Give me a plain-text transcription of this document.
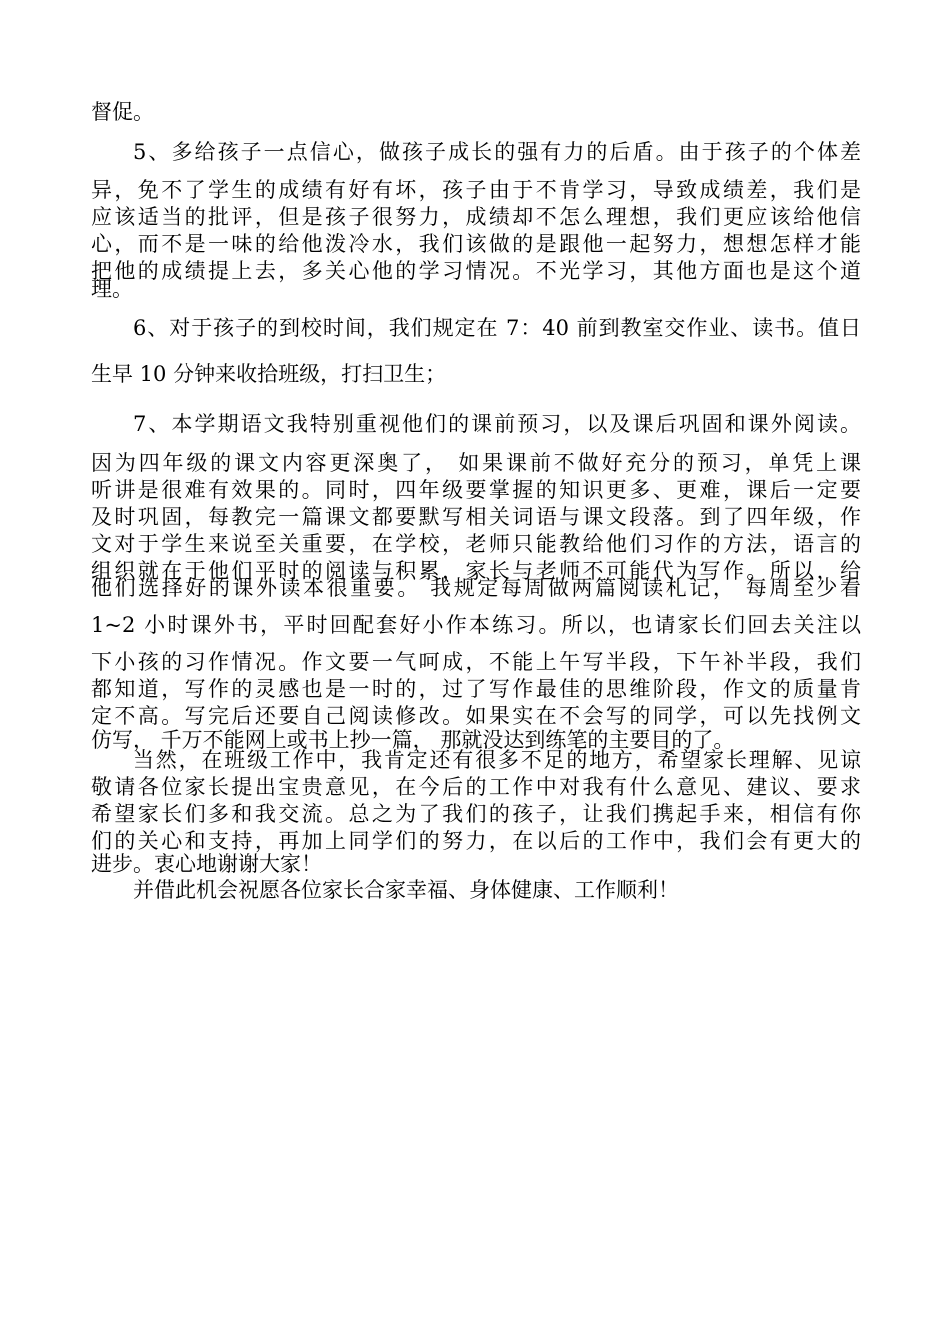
督促。
5、多给孩子一点信心，做孩子成长的强有力的后盾。由于孩子的个体差
异，免不了学生的成绩有好有坏，孩子由于不肯学习，导致成绩差，我们是
应该适当的批评，但是孩子很努力，成绩却不怎么理想，我们更应该给他信
心，而不是一味的给他泼冷水，我们该做的是跟他一起努力，想想怎样才能
把他的成绩提上去，多关心他的学习情况。不光学习，其他方面也是这个道
理。
6、对于孩子的到校时间，我们规定在 7：40 前到教室交作业、读书。值日
生早 10 分钟来收拾班级，打扫卫生；
7、本学期语文我特别重视他们的课前预习，以及课后巩固和课外阅读。
因为四年级的课文内容更深奥了， 如果课前不做好充分的预习，单凭上课
听讲是很难有效果的。同时，四年级要掌握的知识更多、更难，课后一定要
及时巩固，每教完一篇课文都要默写相关词语与课文段落。到了四年级，作
文对于学生来说至关重要，在学校，老师只能教给他们习作的方法，语言的
组织就在于他们平时的阅读与积累，家长与老师不可能代为写作。所以，给
他们选择好的课外读本很重要。 我规定每周做两篇阅读札记， 每周至少看
1~2 小时课外书，平时回配套好小作本练习。所以，也请家长们回去关注以
下小孩的习作情况。作文要一气呵成，不能上午写半段，下午补半段，我们
都知道，写作的灵感也是一时的，过了写作最佳的思维阶段，作文的质量肯
定不高。写完后还要自己阅读修改。如果实在不会写的同学，可以先找例文
仿写， 千万不能网上或书上抄一篇， 那就没达到练笔的主要目的了。
当然，在班级工作中，我肯定还有很多不足的地方，希望家长理解、见谅
敬请各位家长提出宝贵意见，在今后的工作中对我有什么意见、建议、要求
希望家长们多和我交流。总之为了我们的孩子，让我们携起手来，相信有你
们的关心和支持，再加上同学们的努力，在以后的工作中，我们会有更大的
进步。衷心地谢谢大家！
并借此机会祝愿各位家长合家幸福、身体健康、工作顺利！
